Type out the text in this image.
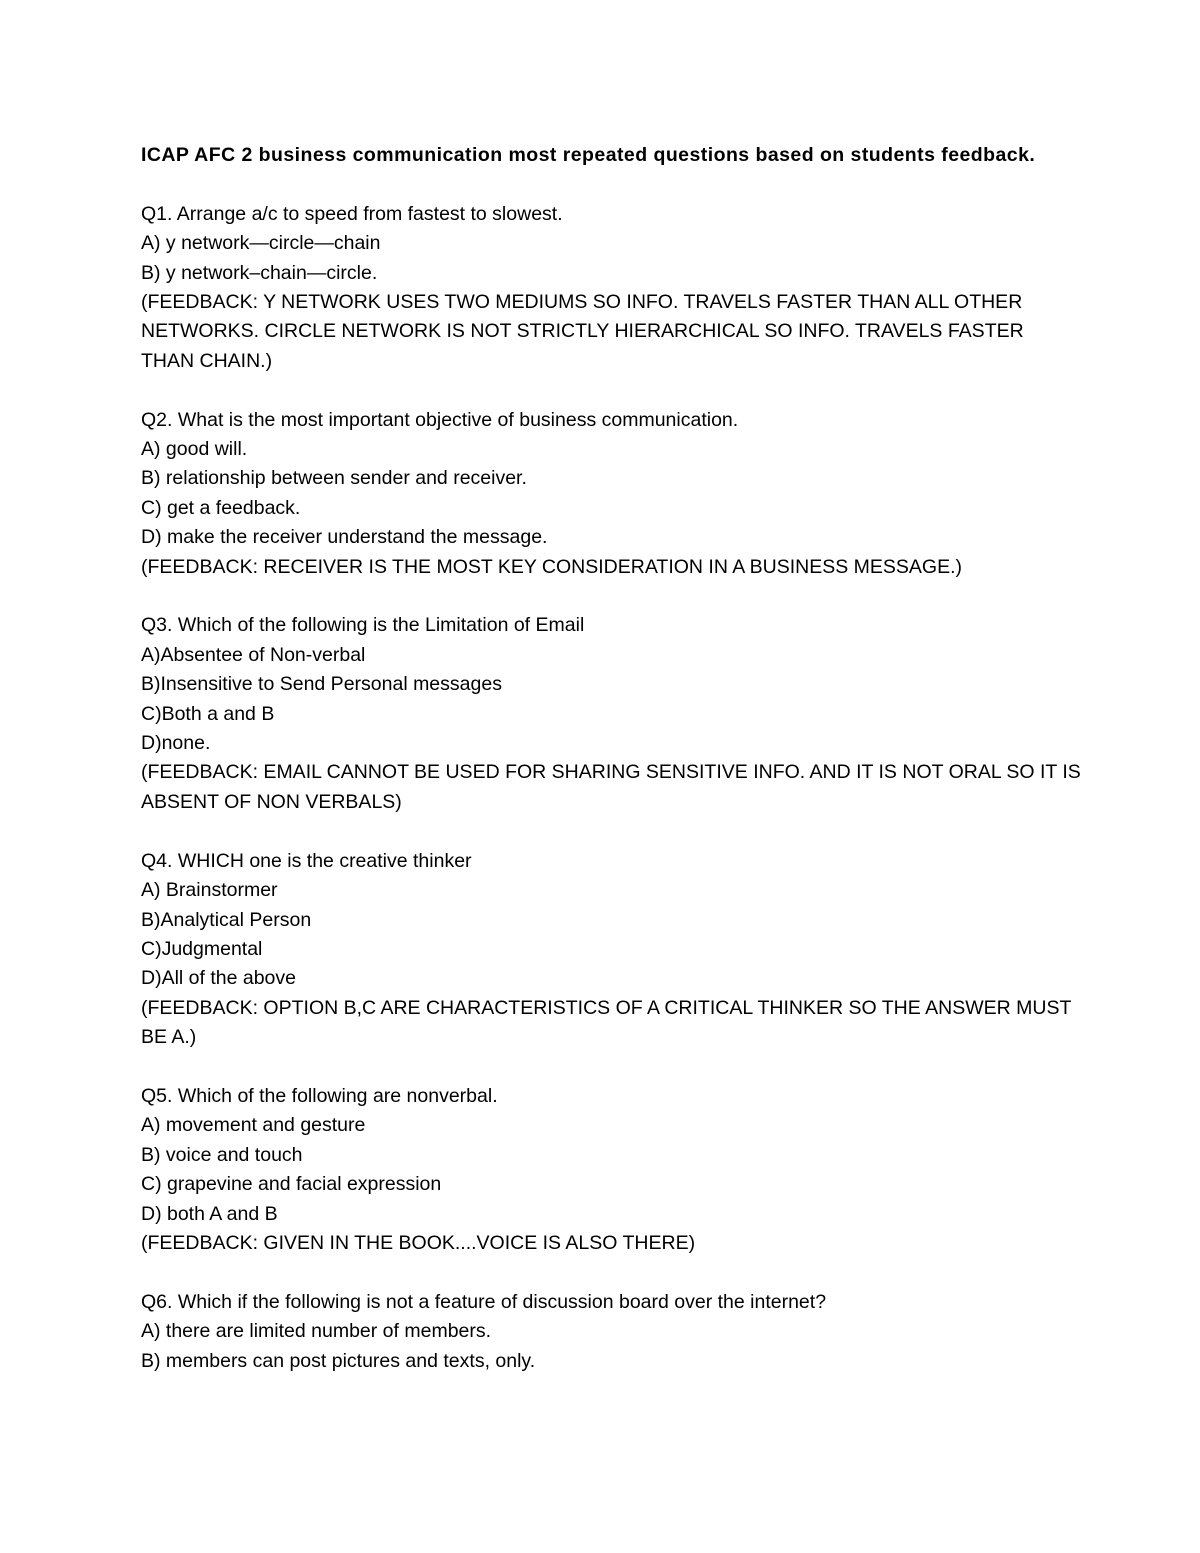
ICAP AFC 2 business communication most repeated questions based on students feedback.

Q1. Arrange a/c to speed from fastest to slowest.
A) y network—circle—chain
B) y network–chain—circle.
(FEEDBACK: Y NETWORK USES TWO MEDIUMS SO INFO. TRAVELS FASTER THAN ALL OTHER NETWORKS. CIRCLE NETWORK IS NOT STRICTLY HIERARCHICAL SO INFO. TRAVELS FASTER THAN CHAIN.)
Q2. What is the most important objective of business communication.
A) good will.
B) relationship between sender and receiver.
C) get a feedback.
D) make the receiver understand the message.
(FEEDBACK: RECEIVER IS THE MOST KEY CONSIDERATION IN A BUSINESS MESSAGE.)
Q3. Which of the following is the Limitation of Email
A)Absentee of Non-verbal
B)Insensitive to Send Personal messages
C)Both a and B
D)none.
(FEEDBACK: EMAIL CANNOT BE USED FOR SHARING SENSITIVE INFO. AND IT IS NOT ORAL SO IT IS ABSENT OF NON VERBALS)
Q4. WHICH one is the creative thinker
A) Brainstormer
B)Analytical Person
C)Judgmental
D)All of the above
(FEEDBACK: OPTION B,C ARE CHARACTERISTICS OF A CRITICAL THINKER SO THE ANSWER MUST BE A.)
Q5. Which of the following are nonverbal.
A) movement and gesture
B) voice and touch
C) grapevine and facial expression
D) both A and B
(FEEDBACK: GIVEN IN THE BOOK....VOICE IS ALSO THERE)
Q6. Which if the following is not a feature of discussion board over the internet?
A) there are limited number of members.
B) members can post pictures and texts, only.
